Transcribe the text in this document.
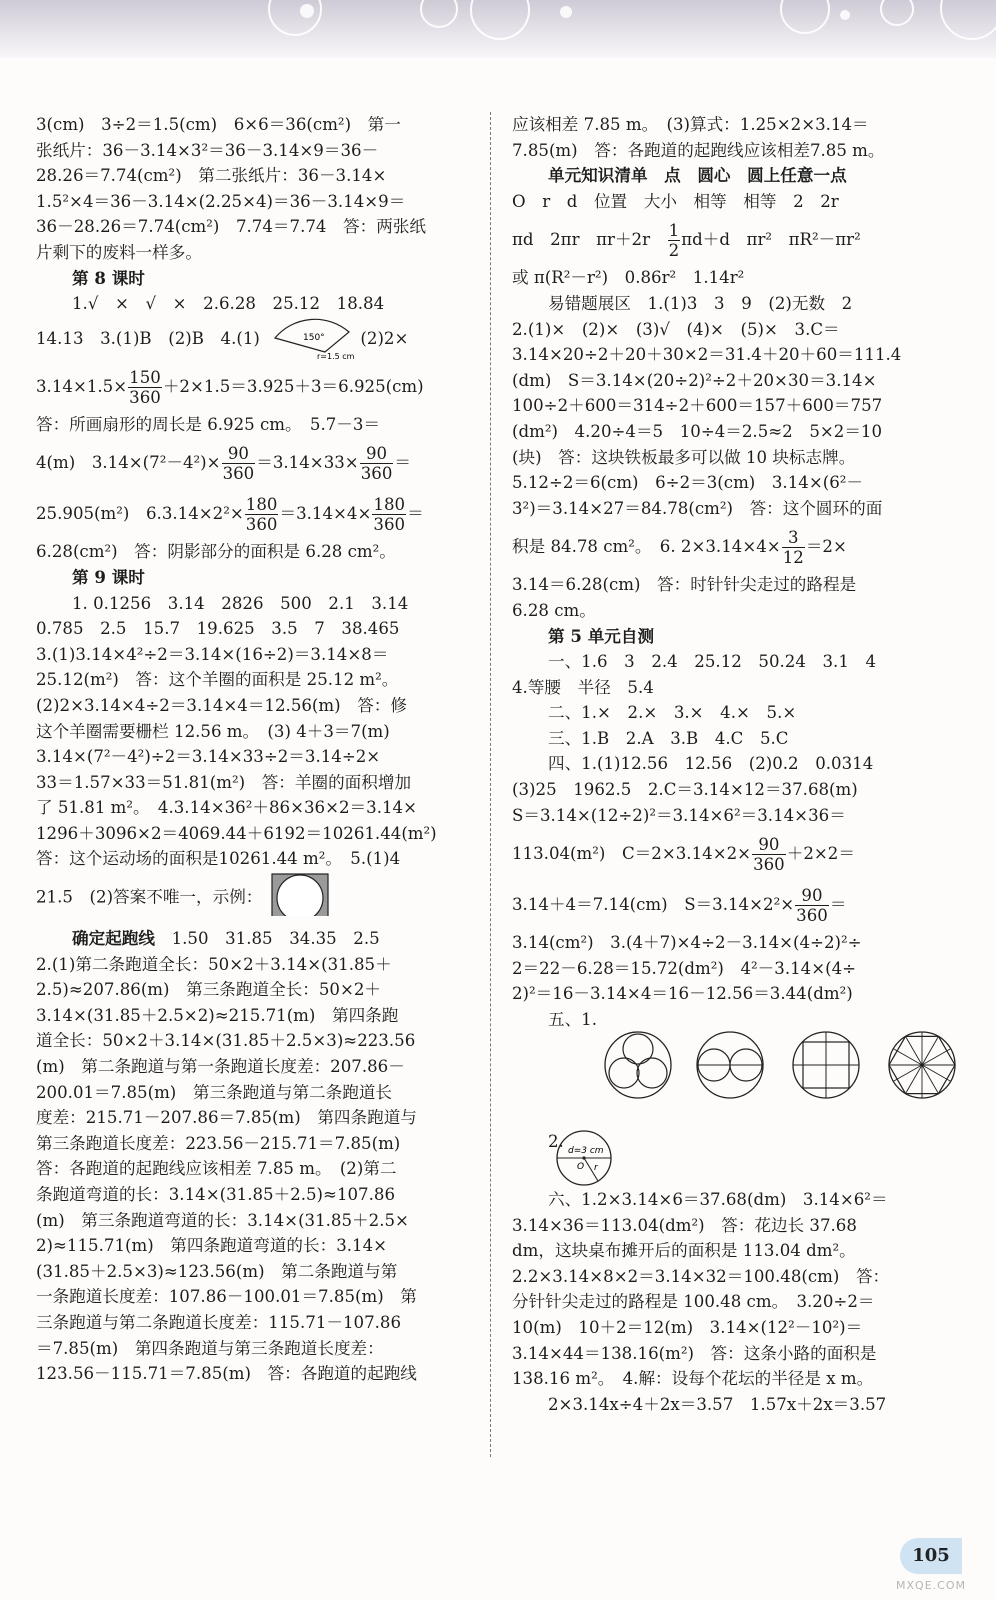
3(cm)　3÷2＝1.5(cm)　6×6＝36(cm²)　第一
张纸片：36－3.14×3²＝36－3.14×9＝36－
28.26＝7.74(cm²)　第二张纸片：36－3.14×
1.5²×4＝36－3.14×(2.25×4)＝36－3.14×9＝
36－28.26＝7.74(cm²)　7.74＝7.74　答：两张纸
片剩下的废料一样多。
第 8 课时
1.√　×　√　×　2.6.28　25.12　18.84
14.13　3.(1)B　(2)B　4.(1)	150°
r=1.5 cm
(2)2×
$3.14\times 1.5\times \frac{150}{360} +2\times 1.5=3.925+3=6.925(cm)$
答：所画扇形的周长是 6.925 cm。　5.7－3＝
4(m)　$3.14\times(7^2-4^2)\times \frac{90}{360} =3.14\times 33\times \frac{90}{360}$ ＝
25.905(m²)　$6.3.14\times 2^2\times \frac{180}{360} =3.14\times 4\times \frac{180}{360}$ ＝
6.28(cm²)　答：阴影部分的面积是 6.28 cm²。
第 9 课时
1. 0.1256　3.14　2826　500　2.1　3.14
0.785　2.5　15.7　19.625　3.5　7　38.465
3.(1)3.14×4²÷2＝3.14×(16÷2)＝3.14×8＝
25.12(m²)　答：这个羊圈的面积是 25.12 m²。
(2)2×3.14×4÷2＝3.14×4＝12.56(m)　答：修
这个羊圈需要栅栏 12.56 m。　(3) 4＋3＝7(m)
3.14×(7²－4²)÷2＝3.14×33÷2＝3.14÷2×
33＝1.57×33＝51.81(m²)　答：羊圈的面积增加
了 51.81 m²。　4.3.14×36²＋86×36×2＝3.14×
1296＋3096×2＝4069.44＋6192＝10261.44(m²)
答：这个运动场的面积是10261.44 m²。　5.(1)4
21.5　(2)答案不唯一，示例：
确定起跑线　 1.50　31.85　34.35　2.5
2.(1)第二条跑道全长：50×2＋3.14×(31.85＋
2.5)≈207.86(m)　第三条跑道全长：50×2＋
3.14×(31.85＋2.5×2)≈215.71(m)　第四条跑
道全长：50×2＋3.14×(31.85＋2.5×3)≈223.56
(m)　第二条跑道与第一条跑道长度差：207.86－
200.01＝7.85(m)　第三条跑道与第二条跑道长
度差：215.71－207.86＝7.85(m)　第四条跑道与
第三条跑道长度差：223.56－215.71＝7.85(m)
答：各跑道的起跑线应该相差 7.85 m。　(2)第二
条跑道弯道的长：3.14×(31.85＋2.5)≈107.86
(m)　第三条跑道弯道的长：3.14×(31.85＋2.5×
2)≈115.71(m)　第四条跑道弯道的长：3.14×
(31.85＋2.5×3)≈123.56(m)　第二条跑道与第
一条跑道长度差：107.86－100.01＝7.85(m)　第
三条跑道与第二条跑道长度差：115.71－107.86
＝7.85(m)　第四条跑道与第三条跑道长度差：
123.56－115.71＝7.85(m)　答：各跑道的起跑线
应该相差 7.85 m。　(3)算式：1.25×2×3.14＝
7.85(m)　答：各跑道的起跑线应该相差7.85 m。
单元知识清单　点　圆心　圆上任意一点
O　r　d　位置　大小　相等　相等　2　2r
πd　2πr　πr＋2r　 $\frac{1}{2} \pi d+d$　πr²　πR²－πr²
或 π(R²－r²)　0.86r²　1.14r²
易错题展区　1.(1)3　3　9　(2)无数　2
2.(1)×　(2)×　(3)√　(4)×　(5)×　3.C＝
3.14×20÷2＋20＋30×2＝31.4＋20＋60＝111.4
(dm)　S＝3.14×(20÷2)²÷2＋20×30＝3.14×
100÷2＋600＝314÷2＋600＝157＋600＝757
(dm²)　4.20÷4＝5　10÷4＝2.5≈2　5×2＝10
(块)　答：这块铁板最多可以做 10 块标志牌。
5.12÷2＝6(cm)　6÷2＝3(cm)　3.14×(6²－
3²)＝3.14×27＝84.78(cm²)　答：这个圆环的面
积是 84.78 cm²。　6. $2\times 3.14\times 4\times \frac{3}{12} =2\times$
3.14＝6.28(cm)　答：时针针尖走过的路程是
6.28 cm。
第 5 单元自测
一、1.6　3　2.4　25.12　50.24　3.1　4
4.等腰　半径　5.4
二、1.×　2.×　3.×　4.×　5.×
三、1.B　2.A　3.B　4.C　5.C
四、1.(1)12.56　12.56　(2)0.2　0.0314
(3)25　1962.5　2.C＝3.14×12＝37.68(m)
S＝3.14×(12÷2)²＝3.14×6²＝3.14×36＝
113.04(m²)　$C=2\times 3.14\times 2\times \frac{90}{360} +2\times 2=$
3.14＋4＝7.14(cm)　$S=3.14\times 2^2\times \frac{90}{360}$ ＝
3.14(cm²)　3.(4＋7)×4÷2－3.14×(4÷2)²÷
2＝22－6.28＝15.72(dm²)　4²－3.14×(4÷
2)²＝16－3.14×4＝16－12.56＝3.44(dm²)
五、1.
2. d=3 cm
O r
六、1.2×3.14×6＝37.68(dm)　3.14×6²＝
3.14×36＝113.04(dm²)　答：花边长 37.68
dm，这块桌布摊开后的面积是 113.04 dm²。
2.2×3.14×8×2＝3.14×32＝100.48(cm)　答：
分针针尖走过的路程是 100.48 cm。　3.20÷2＝
10(m)　10＋2＝12(m)　3.14×(12²－10²)＝
3.14×44＝138.16(m²)　答：这条小路的面积是
138.16 m²。　4.解：设每个花坛的半径是 x m。
2×3.14x÷4＋2x＝3.57　1.57x＋2x＝3.57
105
MXQE.COM
